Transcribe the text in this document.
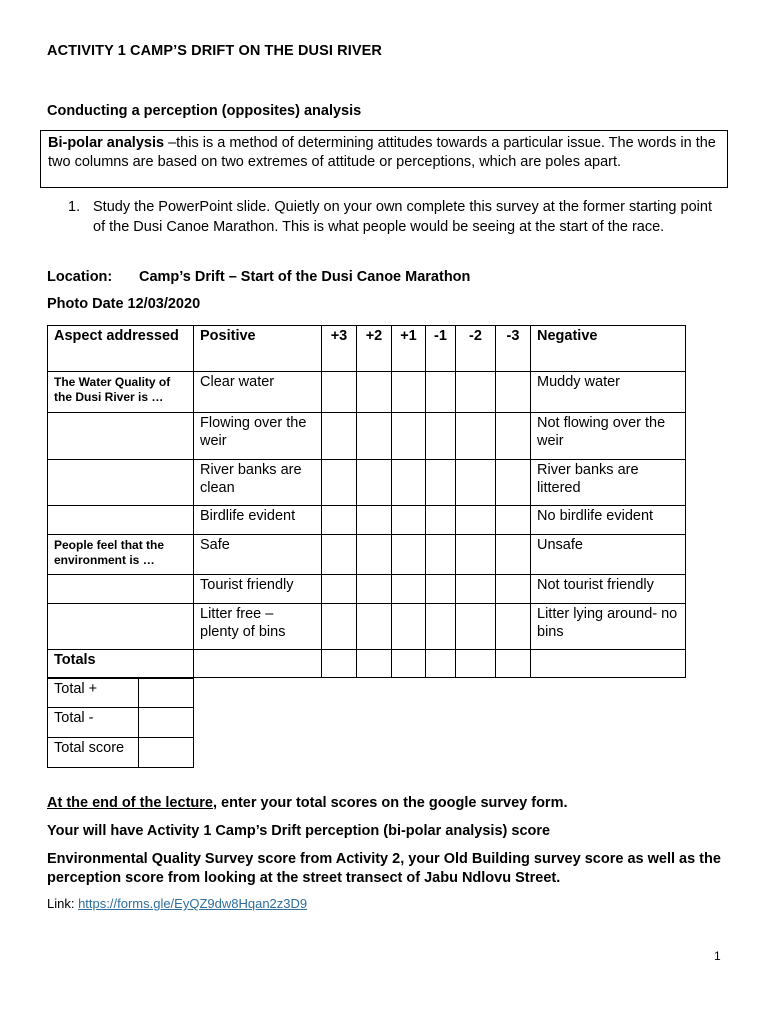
ACTIVITY 1 CAMP’S DRIFT ON THE DUSI RIVER
Conducting a perception (opposites) analysis
Bi-polar analysis –this is a method of determining attitudes towards a particular issue. The words in the two columns are based on two extremes of attitude or perceptions, which are poles apart.
1. Study the PowerPoint slide. Quietly on your own complete this survey at the former starting point of the Dusi Canoe Marathon. This is what people would be seeing at the start of the race.
Location: Camp’s Drift – Start of the Dusi Canoe Marathon
Photo Date 12/03/2020
Aspect addressed	Positive	+3	+2	+1	-1	-2	-3	Negative
The Water Quality of the Dusi River is …	Clear water							Muddy water
	Flowing over the weir							Not flowing over the weir
	River banks are clean							River banks are littered
	Birdlife evident							No birdlife evident
People feel that the environment is …	Safe							Unsafe
	Tourist friendly							Not tourist friendly
	Litter free – plenty of bins							Litter lying around- no bins
Totals								
Total +	
Total -	
Total score	
At the end of the lecture, enter your total scores on the google survey form.
Your will have Activity 1 Camp’s Drift perception (bi-polar analysis) score
Environmental Quality Survey score from Activity 2, your Old Building survey score as well as the perception score from looking at the street transect of Jabu Ndlovu Street.
Link: https://forms.gle/EyQZ9dw8Hqan2z3D9
1
